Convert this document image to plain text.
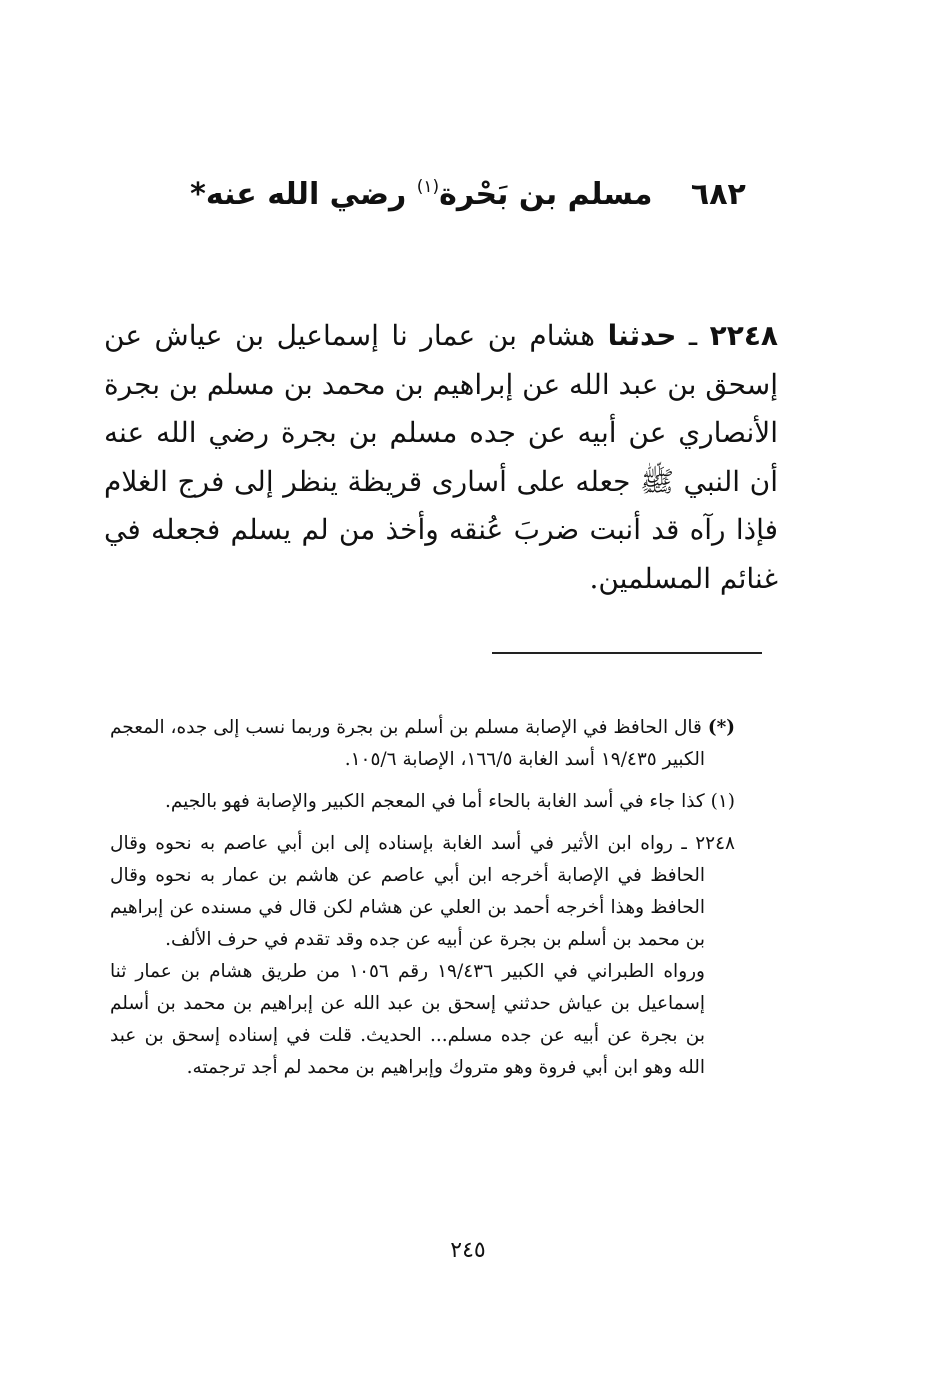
٦٨٢ مسلم بن بَحْرة$^{(١)}$ رضي الله عنه*
٢٢٤٨ ـ حدثنا هشام بن عمار نا إسماعيل بن عياش عن إسحق بن عبد الله عن إبراهيم بن محمد بن مسلم بن بجرة الأنصاري عن أبيه عن جده مسلم بن بجرة رضي الله عنه أن النبي ﷺ جعله على أسارى قريظة ينظر إلى فرج الغلام فإذا رآه قد أنبت ضربَ عُنقه وأخذ من لم يسلم فجعله في غنائم المسلمين.

(*) قال الحافظ في الإصابة مسلم بن أسلم بن بجرة وربما نسب إلى جده، المعجم الكبير ١٩/٤٣٥ أسد الغابة ١٦٦/٥، الإصابة ١٠٥/٦.

(١) كذا جاء في أسد الغابة بالحاء أما في المعجم الكبير والإصابة فهو بالجيم.

٢٢٤٨ ـ رواه ابن الأثير في أسد الغابة بإسناده إلى ابن أبي عاصم به نحوه وقال الحافظ في الإصابة أخرجه ابن أبي عاصم عن هاشم بن عمار به نحوه وقال الحافظ وهذا أخرجه أحمد بن العلي عن هشام لكن قال في مسنده عن إبراهيم بن محمد بن أسلم بن بجرة عن أبيه عن جده وقد تقدم في حرف الألف.

ورواه الطبراني في الكبير ١٩/٤٣٦ رقم ١٠٥٦ من طريق هشام بن عمار ثنا إسماعيل بن عياش حدثني إسحق بن عبد الله عن إبراهيم بن محمد بن أسلم بن بجرة عن أبيه عن جده مسلم... الحديث. قلت في إسناده إسحق بن عبد الله وهو ابن أبي فروة وهو متروك وإبراهيم بن محمد لم أجد ترجمته.

٢٤٥
